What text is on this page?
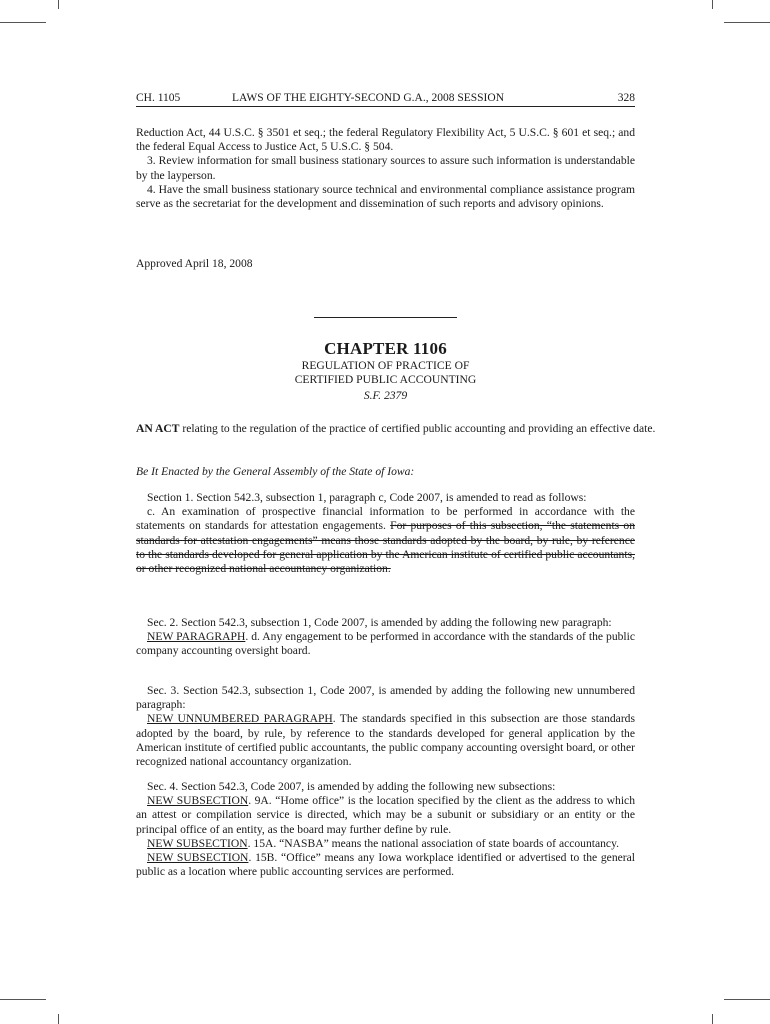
CH. 1105	LAWS OF THE EIGHTY-SECOND G.A., 2008 SESSION	328

Reduction Act, 44 U.S.C. § 3501 et seq.; the federal Regulatory Flexibility Act, 5 U.S.C. § 601 et seq.; and the federal Equal Access to Justice Act, 5 U.S.C. § 504.

3. Review information for small business stationary sources to assure such information is understandable by the layperson.

4. Have the small business stationary source technical and environmental compliance assistance program serve as the secretariat for the development and dissemination of such reports and advisory opinions.

Approved April 18, 2008

CHAPTER 1106
REGULATION OF PRACTICE OF
CERTIFIED PUBLIC ACCOUNTING
S.F. 2379

AN ACT relating to the regulation of the practice of certified public accounting and providing an effective date.

Be It Enacted by the General Assembly of the State of Iowa:

Section 1. Section 542.3, subsection 1, paragraph c, Code 2007, is amended to read as follows:

c. An examination of prospective financial information to be performed in accordance with the statements on standards for attestation engagements. For purposes of this subsection, “the statements on standards for attestation engagements” means those standards adopted by the board, by rule, by reference to the standards developed for general application by the American institute of certified public accountants, or other recognized national accountancy organization.

Sec. 2. Section 542.3, subsection 1, Code 2007, is amended by adding the following new paragraph:

NEW PARAGRAPH. d. Any engagement to be performed in accordance with the standards of the public company accounting oversight board.

Sec. 3. Section 542.3, subsection 1, Code 2007, is amended by adding the following new unnumbered paragraph:

NEW UNNUMBERED PARAGRAPH. The standards specified in this subsection are those standards adopted by the board, by rule, by reference to the standards developed for general application by the American institute of certified public accountants, the public company accounting oversight board, or other recognized national accountancy organization.

Sec. 4. Section 542.3, Code 2007, is amended by adding the following new subsections:

NEW SUBSECTION. 9A. “Home office” is the location specified by the client as the address to which an attest or compilation service is directed, which may be a subunit or subsidiary or an entity or the principal office of an entity, as the board may further define by rule.

NEW SUBSECTION. 15A. “NASBA” means the national association of state boards of accountancy.

NEW SUBSECTION. 15B. “Office” means any Iowa workplace identified or advertised to the general public as a location where public accounting services are performed.
